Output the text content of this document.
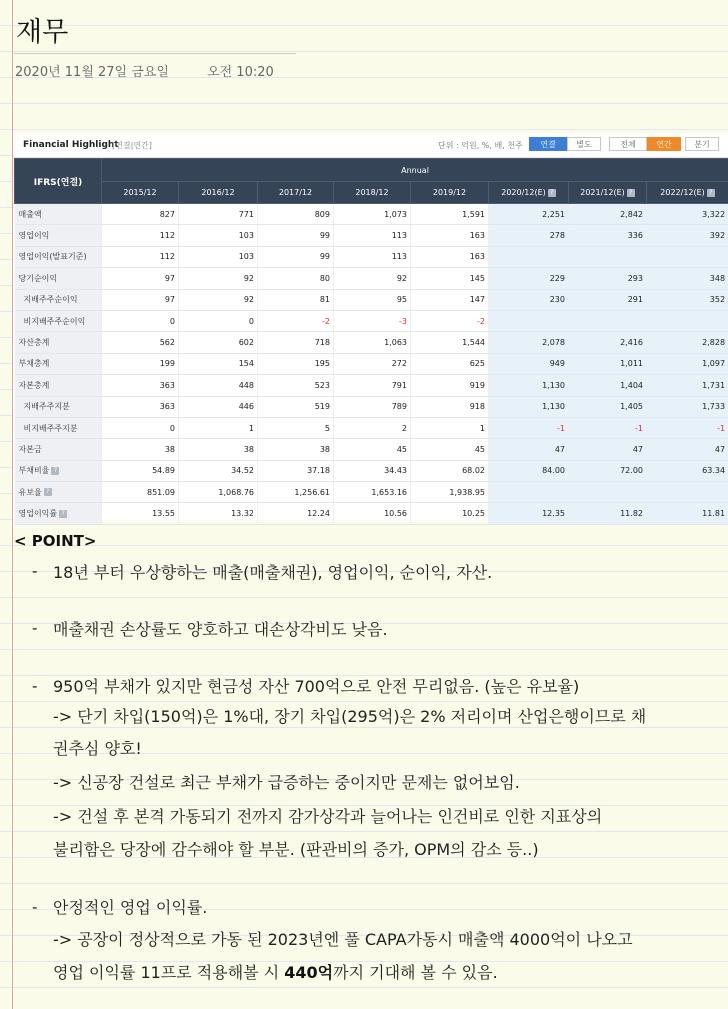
재무
2020년 11월 27일 금요일	오전 10:20
Financial Highlight
[연결|연간]	단위 : 억원, %, 배, 천주	연결	별도	전체	연간	분기
IFRS(연결)	Annual							
	2015/12	2016/12	2017/12	2018/12	2019/12	2020/12(E) ?	2021/12(E) ?	2022/12(E) ?
매출액	827	771	809	1,073	1,591	2,251	2,842	3,322
영업이익	112	103	99	113	163	278	336	392
영업이익(발표기준)	112	103	99	113	163			
당기순이익	97	92	80	92	145	229	293	348
지배주주순이익	97	92	81	95	147	230	291	352
비지배주주순이익	0	0	-2	-3	-2			
자산총계	562	602	718	1,063	1,544	2,078	2,416	2,828
부채총계	199	154	195	272	625	949	1,011	1,097
자본총계	363	448	523	791	919	1,130	1,404	1,731
지배주주지분	363	446	519	789	918	1,130	1,405	1,733
비지배주주지분	0	1	5	2	1	-1	-1	-1
자본금	38	38	38	45	45	47	47	47
부채비율 ?	54.89	34.52	37.18	34.43	68.02	84.00	72.00	63.34
유보율 ?	851.09	1,068.76	1,256.61	1,653.16	1,938.95			
영업이익률 ?	13.55	13.32	12.24	10.56	10.25	12.35	11.82	11.81
< POINT>
- 18년 부터 우상향하는 매출(매출채권), 영업이익, 순이익, 자산.
- 매출채권 손상률도 양호하고 대손상각비도 낮음.
- 950억 부채가 있지만 현금성 자산 700억으로 안전 무리없음. (높은 유보율)
-> 단기 차입(150억)은 1%대, 장기 차입(295억)은 2% 저리이며 산업은행이므로 채
권추심 양호!
-> 신공장 건설로 최근 부채가 급증하는 중이지만 문제는 없어보임.
-> 건설 후 본격 가동되기 전까지 감가상각과 늘어나는 인건비로 인한 지표상의
불리함은 당장에 감수해야 할 부분. (판관비의 증가, OPM의 감소 등..)
- 안정적인 영업 이익률.
-> 공장이 정상적으로 가동 된 2023년엔 풀 CAPA가동시 매출액 4000억이 나오고
영업 이익률 11프로 적용해볼 시 440억까지 기대해 볼 수 있음.
